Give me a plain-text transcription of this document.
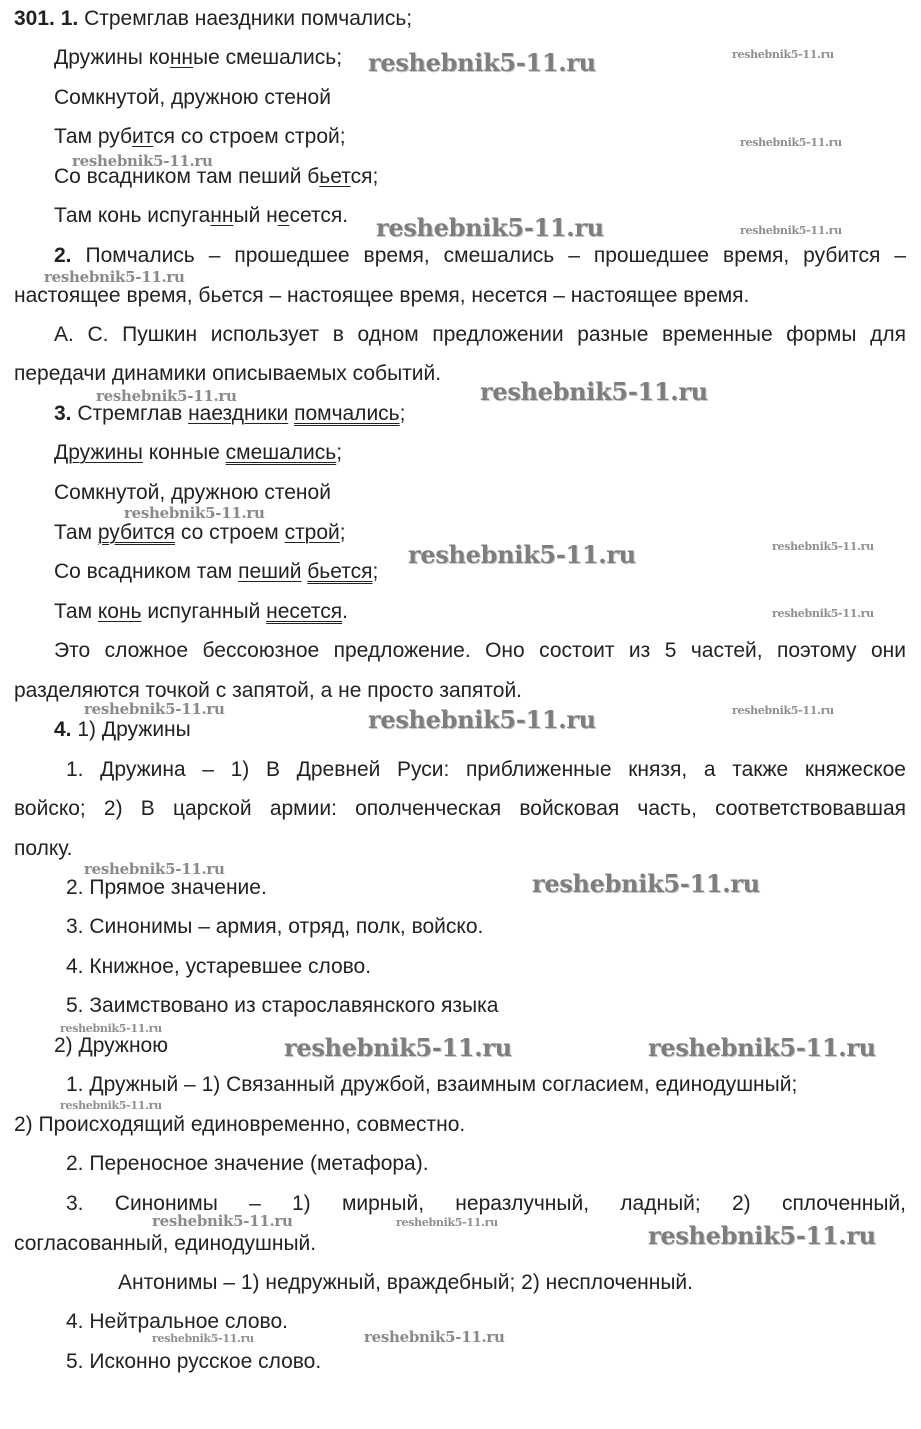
301. 1. Стремглав наездники помчались;
Дружины конные смешались;
Сомкнутой, дружною стеной
Там рубится со строем строй;
Со всадником там пеший бьется;
Там конь испуганный несется.
2. Помчались – прошедшее время, смешались – прошедшее время, рубится –
настоящее время, бьется – настоящее время, несется – настоящее время.
А. С. Пушкин использует в одном предложении разные временные формы для
передачи динамики описываемых событий.
3. Стремглав наездники помчались;
Дружины конные смешались;
Сомкнутой, дружною стеной
Там рубится со строем строй;
Со всадником там пеший бьется;
Там конь испуганный несется.
Это сложное бессоюзное предложение. Оно состоит из 5 частей, поэтому они
разделяются точкой с запятой, а не просто запятой.
4. 1) Дружины
1. Дружина – 1) В Древней Руси: приближенные князя, а также княжеское
войско; 2) В царской армии: ополченческая войсковая часть, соответствовавшая
полку.
2. Прямое значение.
3. Синонимы – армия, отряд, полк, войско.
4. Книжное, устаревшее слово.
5. Заимствовано из старославянского языка
2) Дружною
1. Дружный – 1) Связанный дружбой, взаимным согласием, единодушный;
2) Происходящий единовременно, совместно.
2. Переносное значение (метафора).
3. Синонимы – 1) мирный, неразлучный, ладный; 2) сплоченный,
согласованный, единодушный.
Антонимы – 1) недружный, враждебный; 2) несплоченный.
4. Нейтральное слово.
5. Исконно русское слово.
reshebnik5-11.ru	reshebnik5-11.ru
reshebnik5-11.ru
reshebnik5-11.ru
reshebnik5-11.ru	reshebnik5-11.ru
reshebnik5-11.ru
reshebnik5-11.ru
reshebnik5-11.ru
reshebnik5-11.ru
reshebnik5-11.ru	reshebnik5-11.ru
reshebnik5-11.ru
reshebnik5-11.ru	reshebnik5-11.ru	reshebnik5-11.ru
reshebnik5-11.ru	reshebnik5-11.ru
reshebnik5-11.ru
reshebnik5-11.ru	reshebnik5-11.ru
reshebnik5-11.ru
reshebnik5-11.ru	reshebnik5-11.ru	reshebnik5-11.ru
reshebnik5-11.ru	reshebnik5-11.ru
